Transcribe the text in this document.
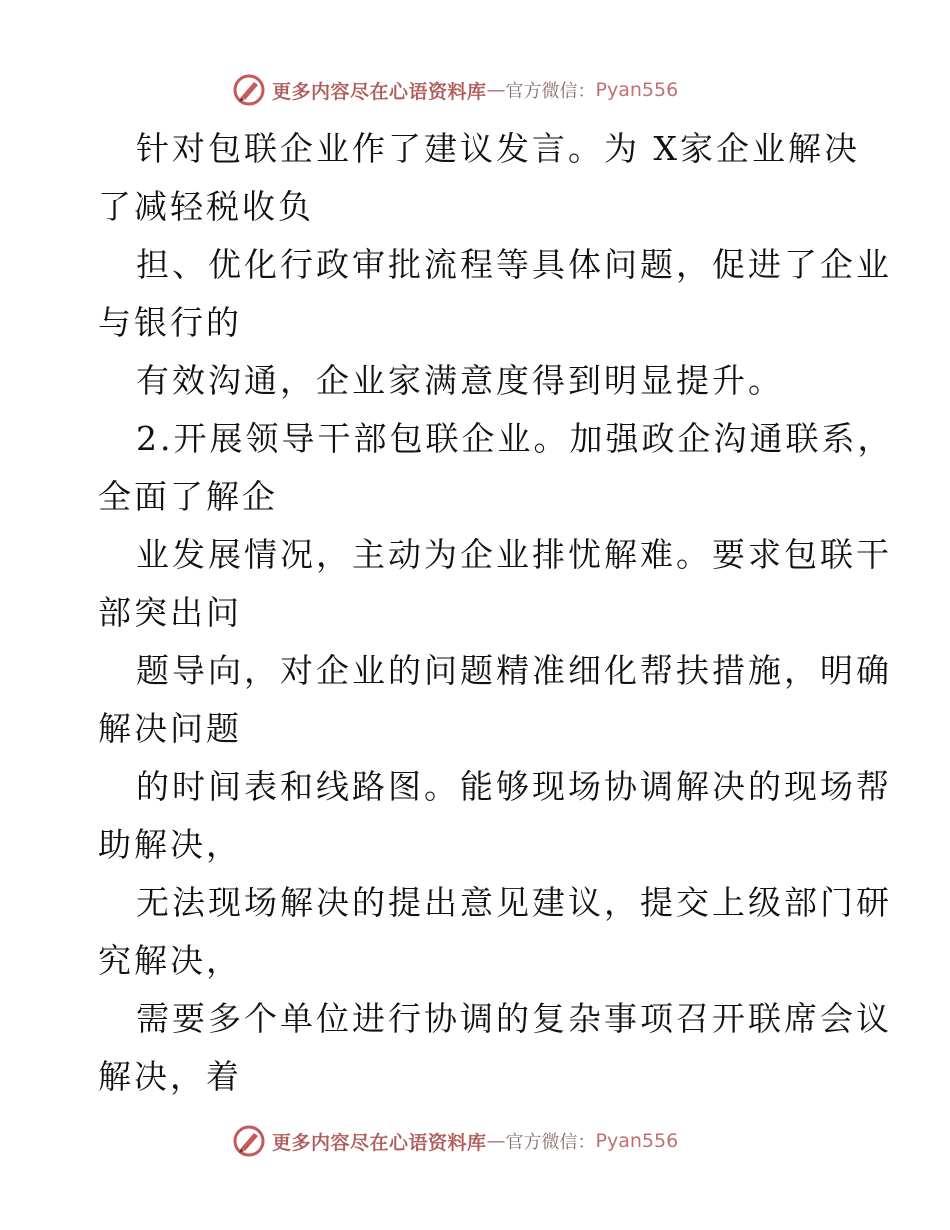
更多内容尽在心语资料库 — 官方微信： Pyan556
针对包联企业作了建议发言。为 X家企业解决
了减轻税收负
担、优化行政审批流程等具体问题，促进了企业
与银行的
有效沟通，企业家满意度得到明显提升。
2.开展领导干部包联企业。加强政企沟通联系，
全面了解企
业发展情况，主动为企业排忧解难。要求包联干
部突出问
题导向，对企业的问题精准细化帮扶措施，明确
解决问题
的时间表和线路图。能够现场协调解决的现场帮
助解决，
无法现场解决的提出意见建议，提交上级部门研
究解决，
需要多个单位进行协调的复杂事项召开联席会议
解决，着
更多内容尽在心语资料库 — 官方微信： Pyan556
